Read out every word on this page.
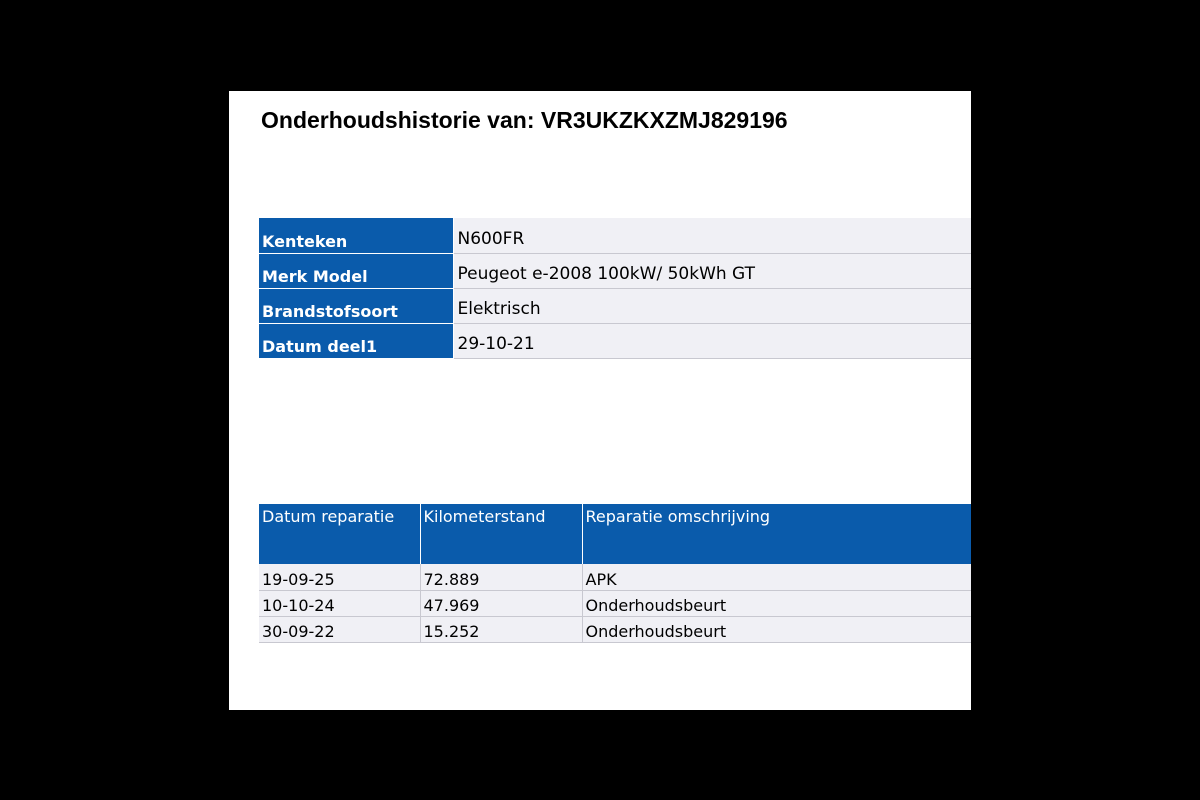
Onderhoudshistorie van: VR3UKZKXZMJ829196
Kenteken	N600FR
Merk Model	Peugeot e-2008 100kW/ 50kWh GT
Brandstofsoort	Elektrisch
Datum deel1	29-10-21
Datum reparatie	Kilometerstand	Reparatie omschrijving
19-09-25	72.889	APK
10-10-24	47.969	Onderhoudsbeurt
30-09-22	15.252	Onderhoudsbeurt
